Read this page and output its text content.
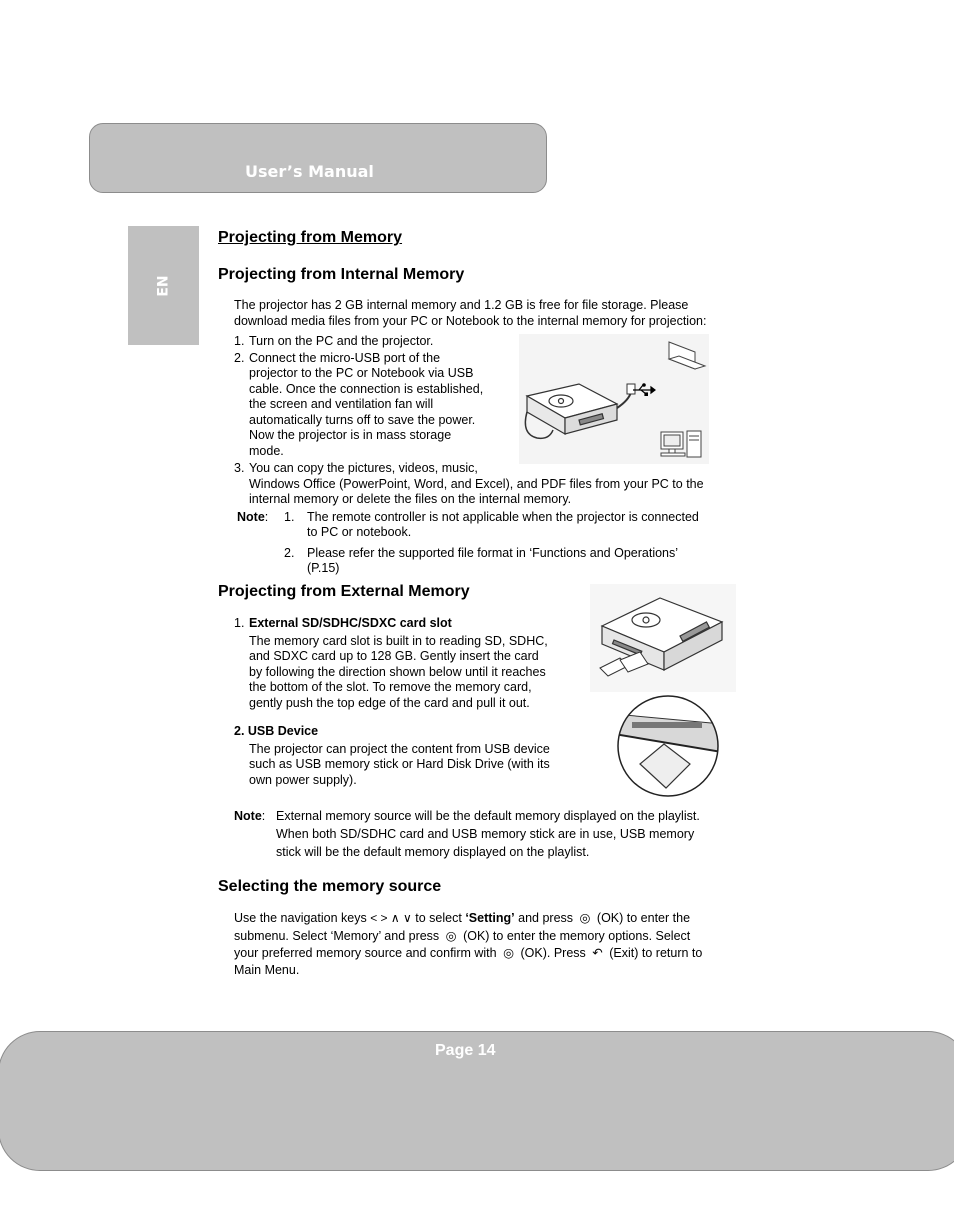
User’s Manual
EN
Projecting from Memory
Projecting from Internal Memory
The projector has 2 GB internal memory and 1.2 GB is free for file storage. Please
download media files from your PC or Notebook to the internal memory for projection:
1. Turn on the PC and the projector.
2. Connect the micro-USB port of the
projector to the PC or Notebook via USB
cable. Once the connection is established,
the screen and ventilation fan will
automatically turns off to save the power.
Now the projector is in mass storage
mode.
3. You can copy the pictures, videos, music,
Windows Office (PowerPoint, Word, and Excel), and PDF files from your PC to the
internal memory or delete the files on the internal memory.
Note: 1. The remote controller is not applicable when the projector is connected
to PC or notebook.
2. Please refer the supported file format in ‘Functions and Operations’
(P.15)
Projecting from External Memory
1. External SD/SDHC/SDXC card slot
The memory card slot is built in to reading SD, SDHC,
and SDXC card up to 128 GB. Gently insert the card
by following the direction shown below until it reaches
the bottom of the slot. To remove the memory card,
gently push the top edge of the card and pull it out.
2. USB Device
The projector can project the content from USB device
such as USB memory stick or Hard Disk Drive (with its
own power supply).
Note: External memory source will be the default memory displayed on the playlist.
When both SD/SDHC card and USB memory stick are in use, USB memory
stick will be the default memory displayed on the playlist.
Selecting the memory source
Use the navigation keys < > ∧ ∨ to select ‘Setting’ and press ◎ (OK) to enter the
submenu. Select ‘Memory’ and press ◎ (OK) to enter the memory options. Select
your preferred memory source and confirm with ◎ (OK). Press ↶ (Exit) to return to
Main Menu.
Page 14
